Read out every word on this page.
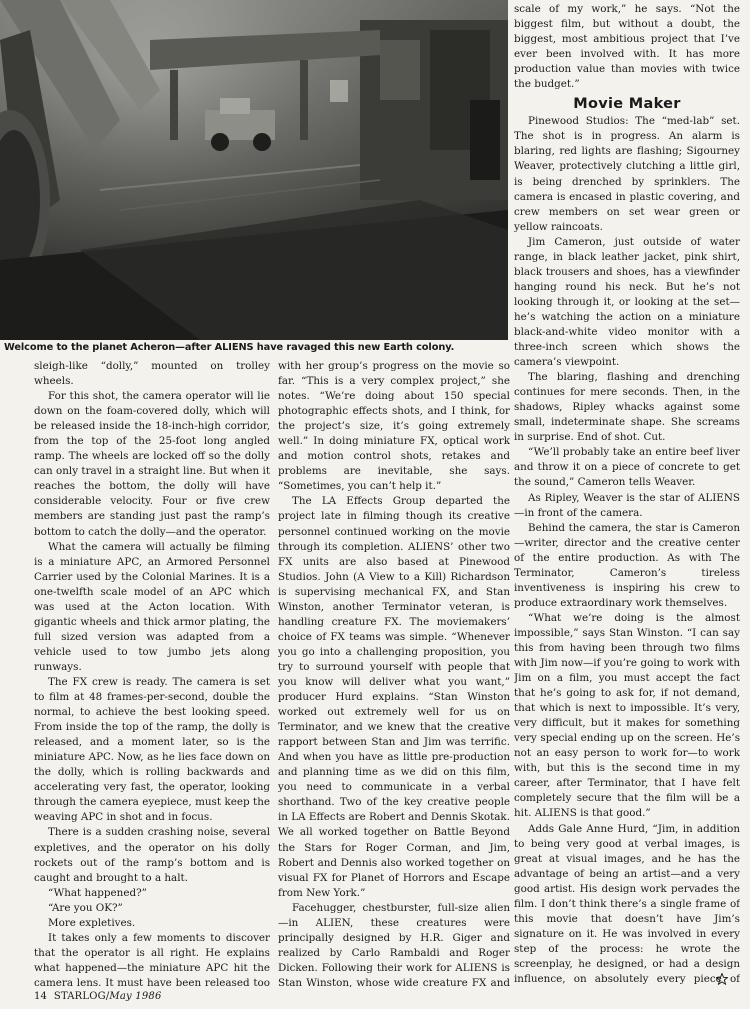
Welcome to the planet Acheron—after ALIENS have ravaged this new Earth colony.

sleigh-like “dolly,” mounted on trolley wheels.

For this shot, the camera operator will lie down on the foam-covered dolly, which will be released inside the 18-inch-high corridor, from the top of the 25-foot long angled ramp. The wheels are locked off so the dolly can only travel in a straight line. But when it reaches the bottom, the dolly will have considerable velocity. Four or five crew members are standing just past the ramp’s bottom to catch the dolly—and the operator.

What the camera will actually be filming is a miniature APC, an Armored Personnel Carrier used by the Colonial Marines. It is a one-twelfth scale model of an APC which was used at the Acton location. With gigantic wheels and thick armor plating, the full sized version was adapted from a vehicle used to tow jumbo jets along runways.

The FX crew is ready. The camera is set to film at 48 frames-per-second, double the normal, to achieve the best looking speed. From inside the top of the ramp, the dolly is released, and a moment later, so is the miniature APC. Now, as he lies face down on the dolly, which is rolling backwards and accelerating very fast, the operator, looking through the camera eyepiece, must keep the weaving APC in shot and in focus.

There is a sudden crashing noise, several expletives, and the operator on his dolly rockets out of the ramp’s bottom and is caught and brought to a halt.

“What happened?”

“Are you OK?”

More expletives.

It takes only a few moments to discover that the operator is all right. He explains what happened—the miniature APC hit the camera lens. It must have been released too

with her group’s progress on the movie so far. “This is a very complex project,” she notes. “We’re doing about 150 special photographic effects shots, and I think, for the project’s size, it’s going extremely well.” In doing miniature FX, optical work and motion control shots, retakes and problems are inevitable, she says. “Sometimes, you can’t help it.”

The LA Effects Group departed the project late in filming though its creative personnel continued working on the movie through its completion. ALIENS’ other two FX units are also based at Pinewood Studios. John (A View to a Kill) Richardson is supervising mechanical FX, and Stan Winston, another Terminator veteran, is handling creature FX. The moviemakers’ choice of FX teams was simple. “Whenever you go into a challenging proposition, you try to surround yourself with people that you know will deliver what you want,” producer Hurd explains. “Stan Winston worked out extremely well for us on Terminator, and we knew that the creative rapport between Stan and Jim was terrific. And when you have as little pre-production and planning time as we did on this film, you need to communicate in a verbal shorthand. Two of the key creative people in LA Effects are Robert and Dennis Skotak. We all worked together on Battle Beyond the Stars for Roger Corman, and Jim, Robert and Dennis also worked together on visual FX for Planet of Horrors and Escape from New York.”

Facehugger, chestburster, full-size alien—in ALIEN, these creatures were principally designed by H.R. Giger and realized by Carlo Rambaldi and Roger Dicken. Following their work for ALIENS is Stan Winston, whose wide creature FX and

scale of my work,” he says. “Not the biggest film, but without a doubt, the biggest, most ambitious project that I’ve ever been involved with. It has more production value than movies with twice the budget.”

Movie Maker

Pinewood Studios: The “med-lab” set. The shot is in progress. An alarm is blaring, red lights are flashing; Sigourney Weaver, protectively clutching a little girl, is being drenched by sprinklers. The camera is encased in plastic covering, and crew members on set wear green or yellow raincoats.

Jim Cameron, just outside of water range, in black leather jacket, pink shirt, black trousers and shoes, has a viewfinder hanging round his neck. But he’s not looking through it, or looking at the set—he’s watching the action on a miniature black-and-white video monitor with a three-inch screen which shows the camera’s viewpoint.

The blaring, flashing and drenching continues for mere seconds. Then, in the shadows, Ripley whacks against some small, indeterminate shape. She screams in surprise. End of shot. Cut.

“We’ll probably take an entire beef liver and throw it on a piece of concrete to get the sound,” Cameron tells Weaver.

As Ripley, Weaver is the star of ALIENS—in front of the camera.

Behind the camera, the star is Cameron—writer, director and the creative center of the entire production. As with The Terminator, Cameron’s tireless inventiveness is inspiring his crew to produce extraordinary work themselves.

“What we’re doing is the almost impossible,” says Stan Winston. “I can say this from having been through two films with Jim now—if you’re going to work with Jim on a film, you must accept the fact that he’s going to ask for, if not demand, that which is next to impossible. It’s very, very difficult, but it makes for something very special ending up on the screen. He’s not an easy person to work for—to work with, but this is the second time in my career, after Terminator, that I have felt completely secure that the film will be a hit. ALIENS is that good.”

Adds Gale Anne Hurd, “Jim, in addition to being very good at verbal images, is great at visual images, and he has the advantage of being an artist—and a very good artist. His design work pervades the film. I don’t think there’s a single frame of this movie that doesn’t have Jim’s signature on it. He was involved in every step of the process: he wrote the screenplay, he designed, or had a design influence, on absolutely every piece of

14 STARLOG/May 1986
